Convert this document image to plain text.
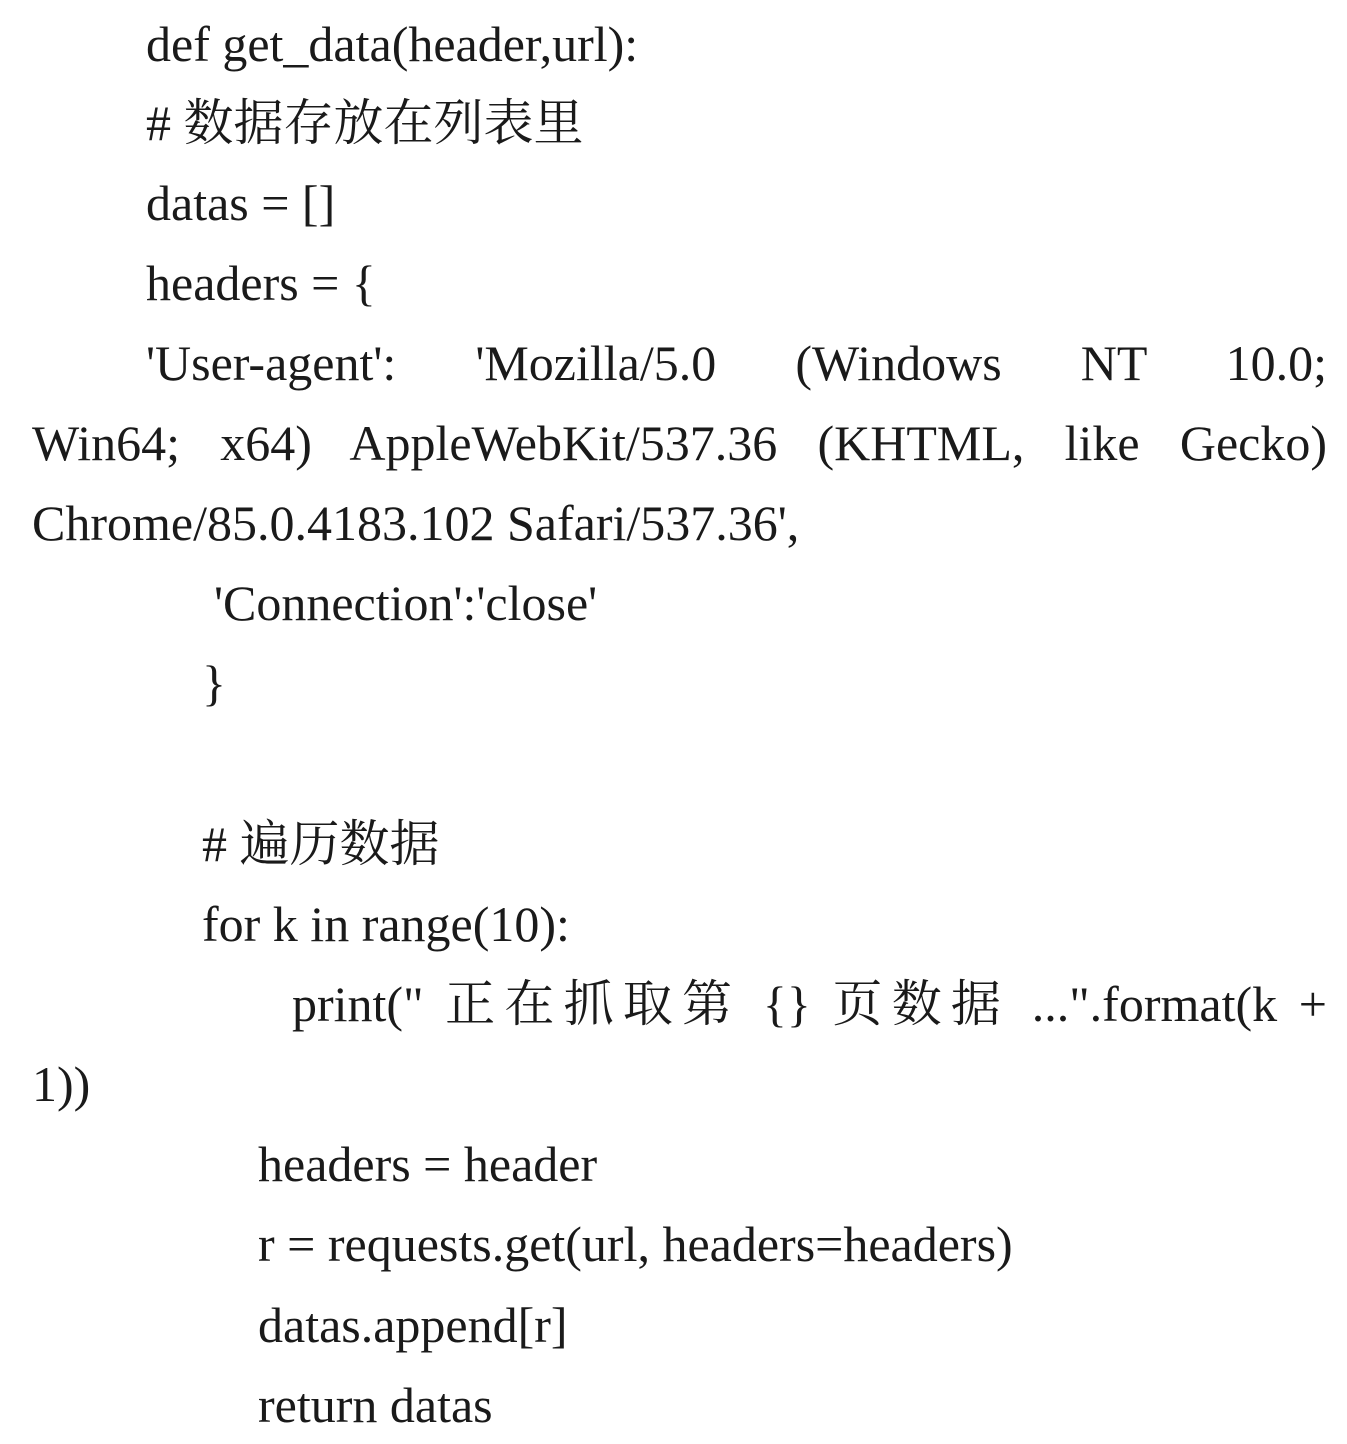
def get_data(header,url):
# 数据存放在列表里
datas = []
headers = {
'User-agent': 'Mozilla/5.0 (Windows NT 10.0;
Win64; x64) AppleWebKit/537.36 (KHTML, like Gecko)
Chrome/85.0.4183.102 Safari/537.36',
'Connection':'close'
}
# 遍历数据
for k in range(10):
print(" 正在抓取第 {} 页数据 ...".format(k +
1))
headers = header
r = requests.get(url, headers=headers)
datas.append[r]
return datas
